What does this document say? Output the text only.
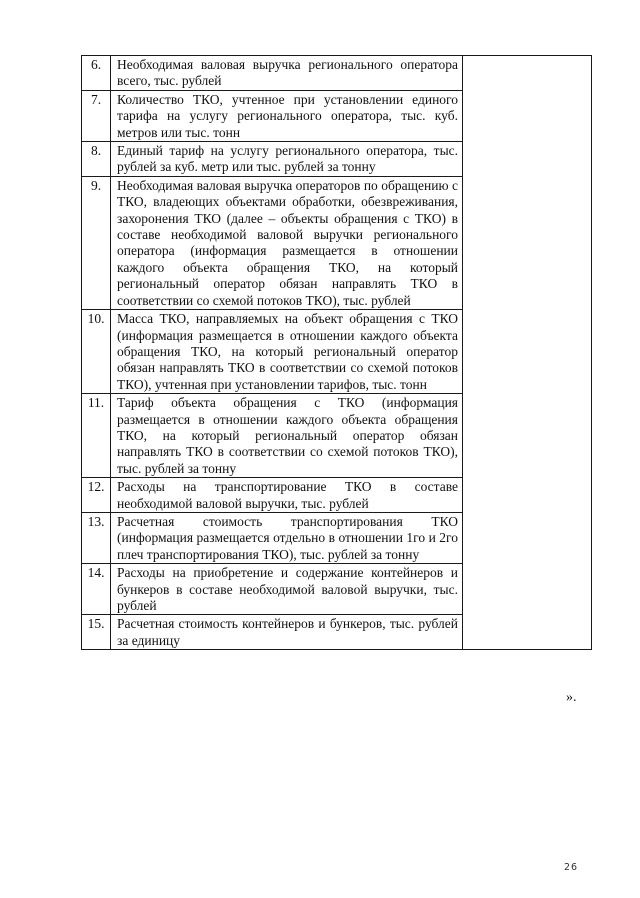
6.	Необходимая валовая выручка регионального оператора всего, тыс. рублей	
7.	Количество ТКО, учтенное при установлении единого тарифа на услугу регионального оператора, тыс. куб. метров или тыс. тонн	
8.	Единый тариф на услугу регионального оператора, тыс. рублей за куб. метр или тыс. рублей за тонну	
9.	Необходимая валовая выручка операторов по обращению с ТКО, владеющих объектами обработки, обезвреживания, захоронения ТКО (далее – объекты обращения с ТКО) в составе необходимой валовой выручки регионального оператора (информация размещается в отношении каждого объекта обращения ТКО, на который региональный оператор обязан направлять ТКО в соответствии со схемой потоков ТКО), тыс. рублей	
10.	Масса ТКО, направляемых на объект обращения с ТКО (информация размещается в отношении каждого объекта обращения ТКО, на который региональный оператор обязан направлять ТКО в соответствии со схемой потоков ТКО), учтенная при установлении тарифов, тыс. тонн	
11.	Тариф объекта обращения с ТКО (информация размещается в отношении каждого объекта обращения ТКО, на который региональный оператор обязан направлять ТКО в соответствии со схемой потоков ТКО), тыс. рублей за тонну	
12.	Расходы на транспортирование ТКО в составе необходимой валовой выручки, тыс. рублей	
13.	Расчетная стоимость транспортирования ТКО (информация размещается отдельно в отношении 1го и 2го плеч транспортирования ТКО), тыс. рублей за тонну	
14.	Расходы на приобретение и содержание контейнеров и бункеров в составе необходимой валовой выручки, тыс. рублей	
15.	Расчетная стоимость контейнеров и бункеров, тыс. рублей за единицу	
».
26
